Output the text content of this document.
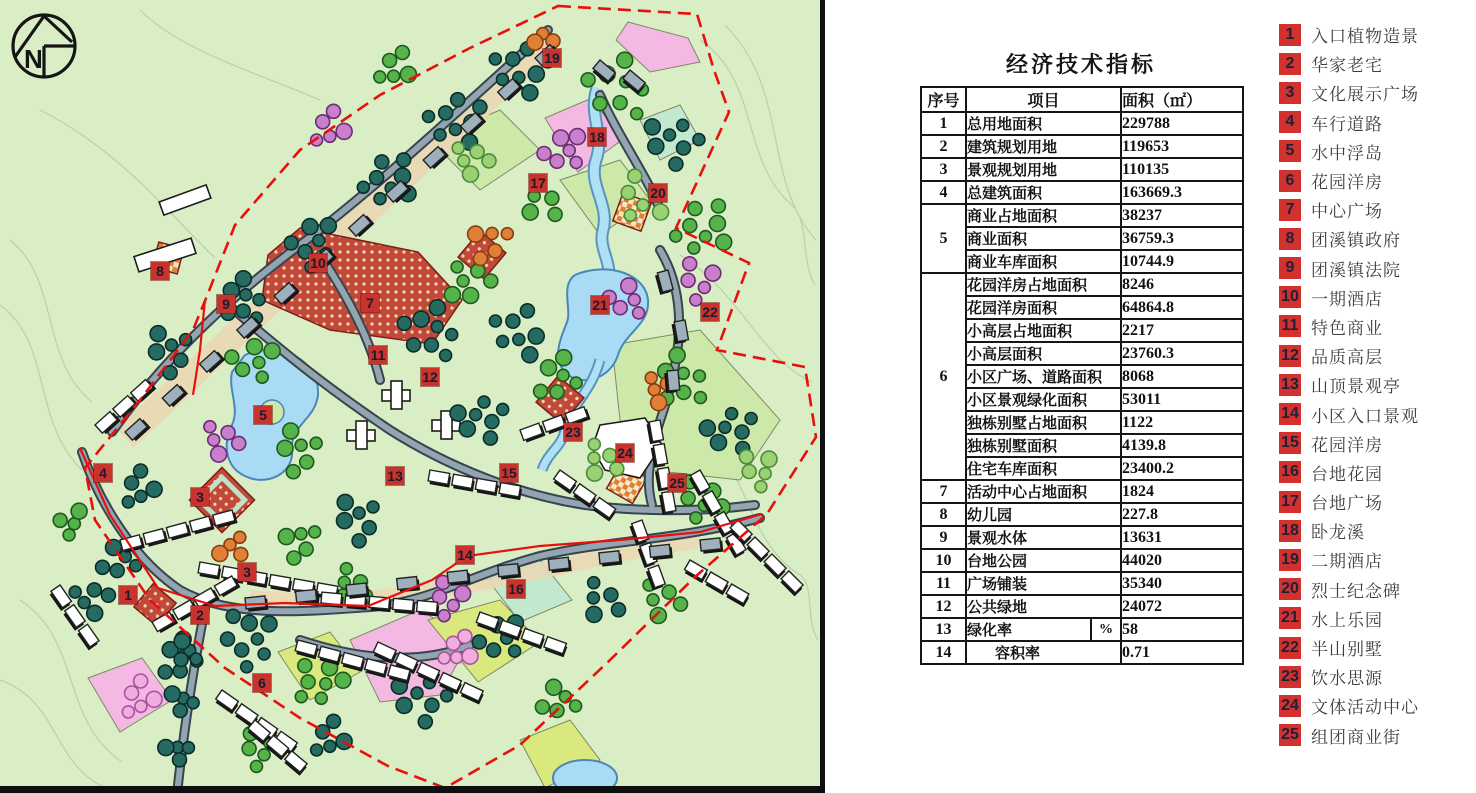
N
1
2
3
3
4
5
6
7
8
9
10
11
12
13
14
15
16
17
18
19
20
21	22
23
24
25
经济技术指标
序号	项目		面积（㎡）
1	总用地面积		229788
2	建筑规划用地		119653
3	景观规划用地		110135
4	总建筑面积		163669.3
5	商业占地面积		38237
	商业面积		36759.3
	商业车库面积		10744.9
6	花园洋房占地面积		8246
	花园洋房面积		64864.8
	小高层占地面积		2217
	小高层面积		23760.3
	小区广场、道路面积		8068
	小区景观绿化面积		53011
	独栋别墅占地面积		1122
	独栋别墅面积		4139.8
	住宅车库面积		23400.2
7	活动中心占地面积		1824
8	幼儿园		227.8
9	景观水体		13631
10	台地公园		44020
11	广场铺装		35340
12	公共绿地		24072
13	绿化率	%	58
14	容积率		0.71
1 入口植物造景
2 华家老宅
3 文化展示广场
4 车行道路
5 水中浮岛
6 花园洋房
7 中心广场
8 团溪镇政府
9 团溪镇法院
10 一期酒店
11 特色商业
12 品质高层
13 山顶景观亭
14 小区入口景观
15 花园洋房
16 台地花园
17 台地广场
18 卧龙溪
19 二期酒店
20 烈士纪念碑
21 水上乐园
22 半山别墅
23 饮水思源
24 文体活动中心
25 组团商业街
